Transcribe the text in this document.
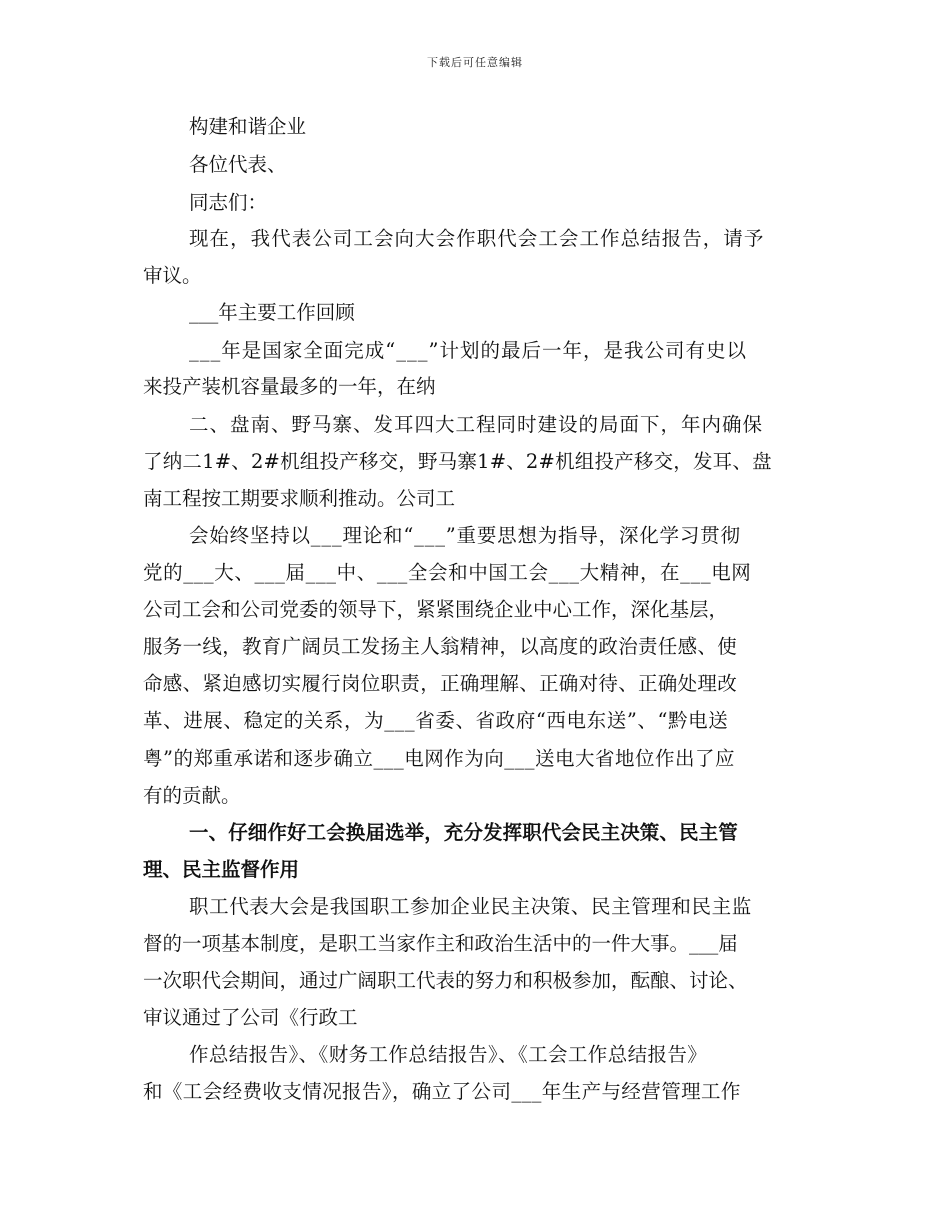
下载后可任意编辑
构建和谐企业
各位代表、
同志们：
现在，我代表公司工会向大会作职代会工会工作总结报告，请予
审议。
___年主要工作回顾
___年是国家全面完成“___”计划的最后一年，是我公司有史以
来投产装机容量最多的一年，在纳
二、盘南、野马寨、发耳四大工程同时建设的局面下，年内确保
了纳二1#、2#机组投产移交，野马寨1#、2#机组投产移交，发耳、盘
南工程按工期要求顺利推动。公司工
会始终坚持以___理论和“___”重要思想为指导，深化学习贯彻
党的___大、___届___中、___全会和中国工会___大精神，在___电网
公司工会和公司党委的领导下，紧紧围绕企业中心工作，深化基层，
服务一线，教育广阔员工发扬主人翁精神，以高度的政治责任感、使
命感、紧迫感切实履行岗位职责，正确理解、正确对待、正确处理改
革、进展、稳定的关系，为___省委、省政府“西电东送”、“黔电送
粤”的郑重承诺和逐步确立___电网作为向___送电大省地位作出了应
有的贡献。
一、仔细作好工会换届选举，充分发挥职代会民主决策、民主管
理、民主监督作用
职工代表大会是我国职工参加企业民主决策、民主管理和民主监
督的一项基本制度，是职工当家作主和政治生活中的一件大事。___届
一次职代会期间，通过广阔职工代表的努力和积极参加，酝酿、讨论、
审议通过了公司《行政工
作总结报告》、《财务工作总结报告》、《工会工作总结报告》
和《工会经费收支情况报告》，确立了公司___年生产与经营管理工作
